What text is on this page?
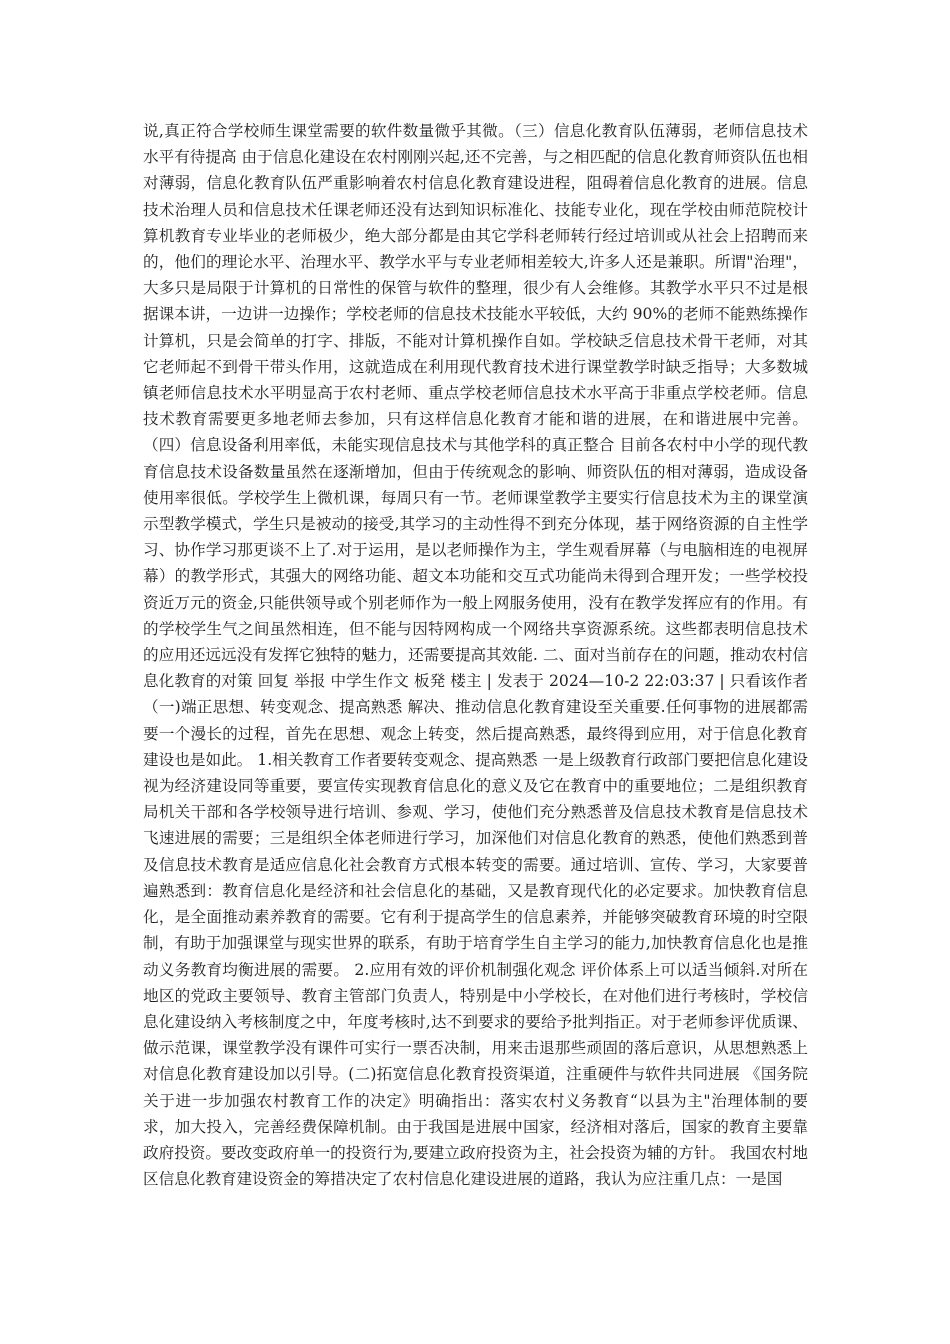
说,真正符合学校师生课堂需要的软件数量微乎其微。（三）信息化教育队伍薄弱，老师信息技术水平有待提高 由于信息化建设在农村刚刚兴起,还不完善，与之相匹配的信息化教育师资队伍也相对薄弱，信息化教育队伍严重影响着农村信息化教育建设进程，阻碍着信息化教育的进展。信息技术治理人员和信息技术任课老师还没有达到知识标准化、技能专业化，现在学校由师范院校计算机教育专业毕业的老师极少，绝大部分都是由其它学科老师转行经过培训或从社会上招聘而来的，他们的理论水平、治理水平、教学水平与专业老师相差较大,许多人还是兼职。所谓"治理"，大多只是局限于计算机的日常性的保管与软件的整理，很少有人会维修。其教学水平只不过是根据课本讲，一边讲一边操作；学校老师的信息技术技能水平较低，大约 90%的老师不能熟练操作计算机，只是会简单的打字、排版，不能对计算机操作自如。学校缺乏信息技术骨干老师，对其它老师起不到骨干带头作用，这就造成在利用现代教育技术进行课堂教学时缺乏指导；大多数城镇老师信息技术水平明显高于农村老师、重点学校老师信息技术水平高于非重点学校老师。信息技术教育需要更多地老师去参加，只有这样信息化教育才能和谐的进展，在和谐进展中完善。（四）信息设备利用率低，未能实现信息技术与其他学科的真正整合 目前各农村中小学的现代教育信息技术设备数量虽然在逐渐增加，但由于传统观念的影响、师资队伍的相对薄弱，造成设备使用率很低。学校学生上微机课，每周只有一节。老师课堂教学主要实行信息技术为主的课堂演示型教学模式，学生只是被动的接受,其学习的主动性得不到充分体现，基于网络资源的自主性学习、协作学习那更谈不上了.对于运用，是以老师操作为主，学生观看屏幕（与电脑相连的电视屏幕）的教学形式，其强大的网络功能、超文本功能和交互式功能尚未得到合理开发；一些学校投资近万元的资金,只能供领导或个别老师作为一般上网服务使用，没有在教学发挥应有的作用。有的学校学生气之间虽然相连，但不能与因特网构成一个网络共享资源系统。这些都表明信息技术的应用还远远没有发挥它独特的魅力，还需要提高其效能. 二、面对当前存在的问题，推动农村信息化教育的对策 回复 举报 中学生作文 板発 楼主 | 发表于 2024—10-2 22:03:37 | 只看该作者 （一)端正思想、转变观念、提高熟悉 解决、推动信息化教育建设至关重要.任何事物的进展都需要一个漫长的过程，首先在思想、观念上转变，然后提高熟悉，最终得到应用，对于信息化教育建设也是如此。 1.相关教育工作者要转变观念、提高熟悉 一是上级教育行政部门要把信息化建设视为经济建设同等重要，要宣传实现教育信息化的意义及它在教育中的重要地位；二是组织教育局机关干部和各学校领导进行培训、参观、学习，使他们充分熟悉普及信息技术教育是信息技术飞速进展的需要；三是组织全体老师进行学习，加深他们对信息化教育的熟悉，使他们熟悉到普及信息技术教育是适应信息化社会教育方式根本转变的需要。通过培训、宣传、学习，大家要普遍熟悉到：教育信息化是经济和社会信息化的基础，又是教育现代化的必定要求。加快教育信息化，是全面推动素养教育的需要。它有利于提高学生的信息素养，并能够突破教育环境的时空限制，有助于加强课堂与现实世界的联系，有助于培育学生自主学习的能力,加快教育信息化也是推动义务教育均衡进展的需要。 2.应用有效的评价机制强化观念 评价体系上可以适当倾斜.对所在地区的党政主要领导、教育主管部门负责人，特别是中小学校长，在对他们进行考核时，学校信息化建设纳入考核制度之中，年度考核时,达不到要求的要给予批判指正。对于老师参评优质课、做示范课，课堂教学没有课件可实行一票否决制，用来击退那些顽固的落后意识，从思想熟悉上对信息化教育建设加以引导。(二)拓宽信息化教育投资渠道，注重硬件与软件共同进展 《国务院关于进一步加强农村教育工作的决定》明确指出：落实农村义务教育“以县为主"治理体制的要求，加大投入，完善经费保障机制。由于我国是进展中国家，经济相对落后，国家的教育主要靠政府投资。要改变政府单一的投资行为,要建立政府投资为主，社会投资为辅的方针。 我国农村地区信息化教育建设资金的筹措决定了农村信息化建设进展的道路，我认为应注重几点：一是国
